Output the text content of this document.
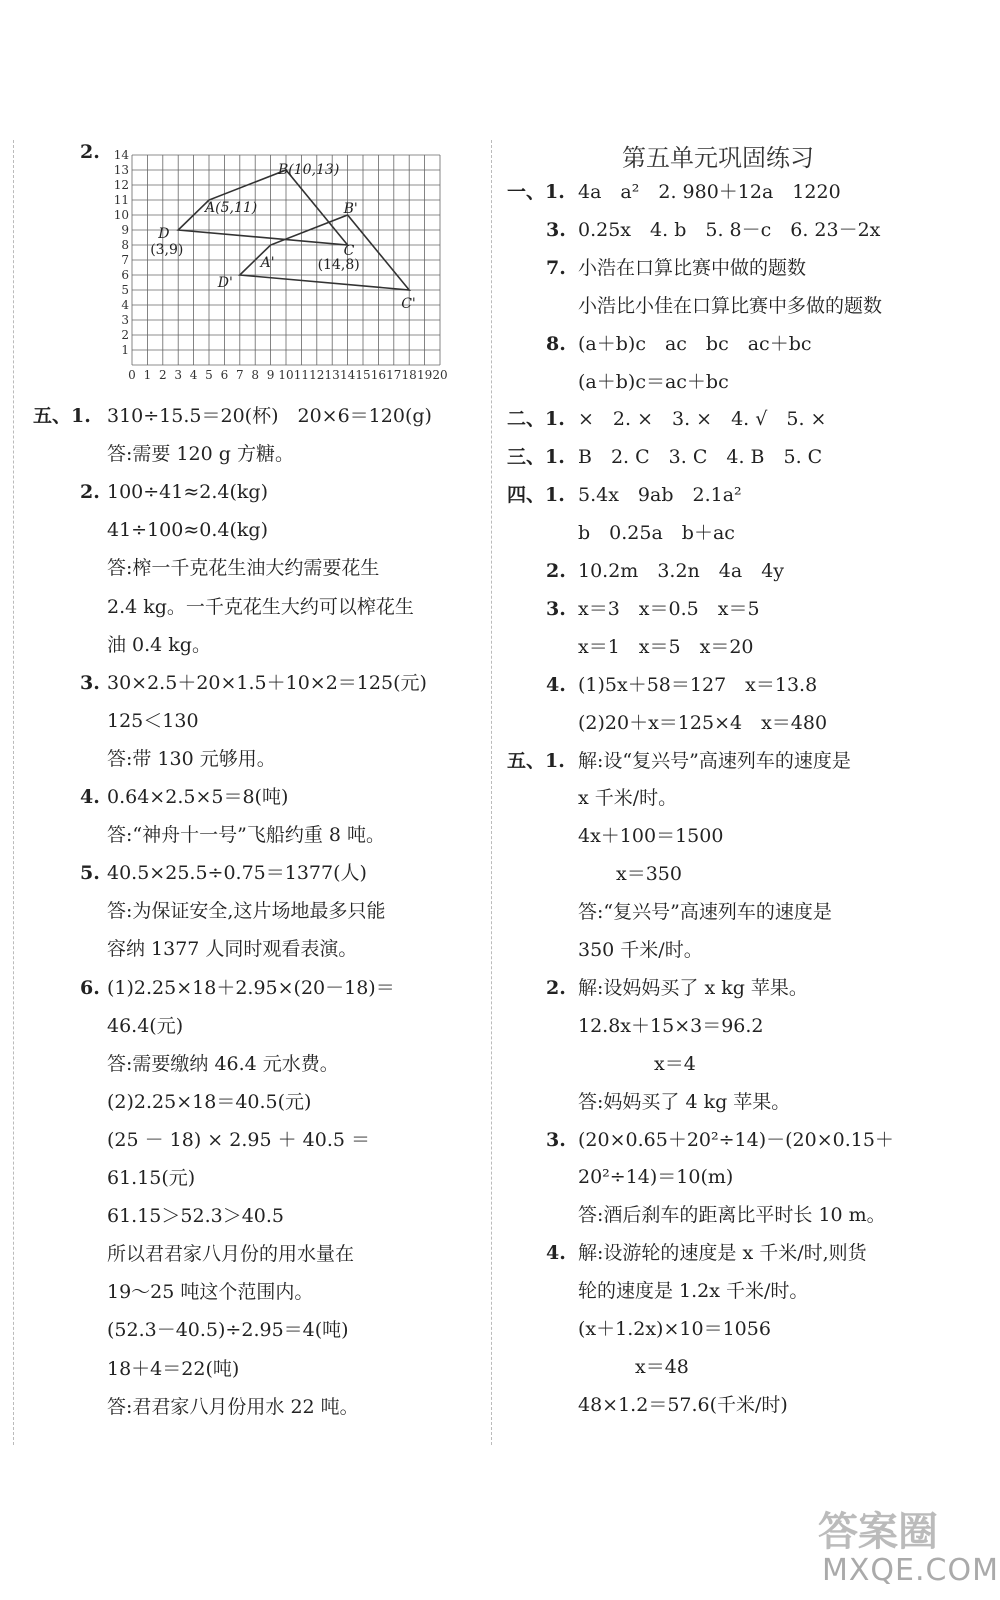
第五单元巩固练习
2.
0 1 2 3 4 5 6 7 8 9 10 11 12 13 14 15 16 17 18 19 20
1
2
3
4
5
6
7
8
9
10
11
12
13
14
A(5,11)
B(10,13)
D
(3,9)
(14,8)
C
B'
A'
D'
C'
五、1. 310÷15.5＝20(杯)　20×6＝120(g)
答:需要 120 g 方糖。
2. 100÷41≈2.4(kg)
41÷100≈0.4(kg)
答:榨一千克花生油大约需要花生
2.4 kg。一千克花生大约可以榨花生
油 0.4 kg。
3. 30×2.5＋20×1.5＋10×2＝125(元)
125＜130
答:带 130 元够用。
4. 0.64×2.5×5＝8(吨)
答:“神舟十一号”飞船约重 8 吨。
5. 40.5×25.5÷0.75＝1377(人)
答:为保证安全,这片场地最多只能
容纳 1377 人同时观看表演。
6. (1)2.25×18＋2.95×(20－18)＝
46.4(元)
答:需要缴纳 46.4 元水费。
(2)2.25×18＝40.5(元)
(25 － 18) × 2.95 ＋ 40.5 ＝
61.15(元)
61.15＞52.3＞40.5
所以君君家八月份的用水量在
19～25 吨这个范围内。
(52.3－40.5)÷2.95＝4(吨)
18＋4＝22(吨)
答:君君家八月份用水 22 吨。
一、1. 4a　a²　2. 980＋12a　1220
3. 0.25x　4. b　5. 8－c　6. 23－2x
7. 小浩在口算比赛中做的题数
小浩比小佳在口算比赛中多做的题数
8. (a＋b)c　ac　bc　ac＋bc
(a＋b)c＝ac＋bc
二、1. ×　2. ×　3. ×　4. √　5. ×
三、1. B　2. C　3. C　4. B　5. C
四、1. 5.4x　9ab　2.1a²
b　0.25a　b＋ac
2. 10.2m　3.2n　4a　4y
3. x＝3　x＝0.5　x＝5
x＝1　x＝5　x＝20
4. (1)5x＋58＝127　x＝13.8
(2)20＋x＝125×4　x＝480
五、1. 解:设“复兴号”高速列车的速度是
x 千米/时。
4x＋100＝1500
　　x＝350
答:“复兴号”高速列车的速度是
350 千米/时。
2. 解:设妈妈买了 x kg 苹果。
12.8x＋15×3＝96.2
　　　　x＝4
答:妈妈买了 4 kg 苹果。
3. (20×0.65＋20²÷14)－(20×0.15＋
20²÷14)＝10(m)
答:酒后刹车的距离比平时长 10 m。
4. 解:设游轮的速度是 x 千米/时,则货
轮的速度是 1.2x 千米/时。
(x＋1.2x)×10＝1056
　　　x＝48
48×1.2＝57.6(千米/时)
答案圈
MXQE.COM
